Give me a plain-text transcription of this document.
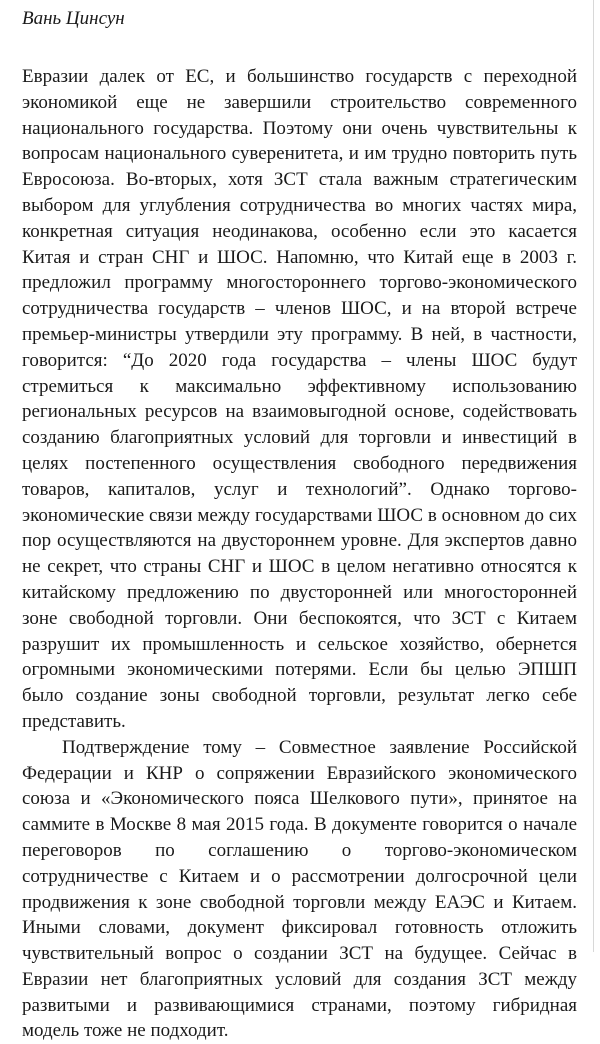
Вань Цинсун

Евразии далек от ЕС, и большинство государств с переходной экономикой еще не завершили строительство современного национального государства. Поэтому они очень чувствительны к вопросам национального суверенитета, и им трудно повторить путь Евросоюза. Во-вторых, хотя ЗСТ стала важным стратегическим выбором для углубления сотрудничества во многих частях мира, конкретная ситуация неодинакова, особенно если это касается Китая и стран СНГ и ШОС. Напомню, что Китай еще в 2003 г. предложил программу многостороннего торгово-экономического сотрудничества государств – членов ШОС, и на второй встрече премьер-министры утвердили эту программу. В ней, в частности, говорится: “До 2020 года государства – члены ШОС будут стремиться к максимально эффективному использованию региональных ресурсов на взаимовыгодной основе, содействовать созданию благоприятных условий для торговли и инвестиций в целях постепенного осуществления свободного передвижения товаров, капиталов, услуг и технологий”. Однако торгово-экономические связи между государствами ШОС в основном до сих пор осуществляются на двустороннем уровне. Для экспертов давно не секрет, что страны СНГ и ШОС в целом негативно относятся к китайскому предложению по двусторонней или многосторонней зоне свободной торговли. Они беспокоятся, что ЗСТ с Китаем разрушит их промышленность и сельское хозяйство, обернется огромными экономическими потерями. Если бы целью ЭПШП было создание зоны свободной торговли, результат легко себе представить.

Подтверждение тому – Совместное заявление Российской Федерации и КНР о сопряжении Евразийского экономического союза и «Экономического пояса Шелкового пути», принятое на саммите в Москве 8 мая 2015 года. В документе говорится о начале переговоров по соглашению о торгово-экономическом сотрудничестве с Китаем и о рассмотрении долгосрочной цели продвижения к зоне свободной торговли между ЕАЭС и Китаем. Иными словами, документ фиксировал готовность отложить чувствительный вопрос о создании ЗСТ на будущее. Сейчас в Евразии нет благоприятных условий для создания ЗСТ между развитыми и развивающимися странами, поэтому гибридная модель тоже не подходит.
